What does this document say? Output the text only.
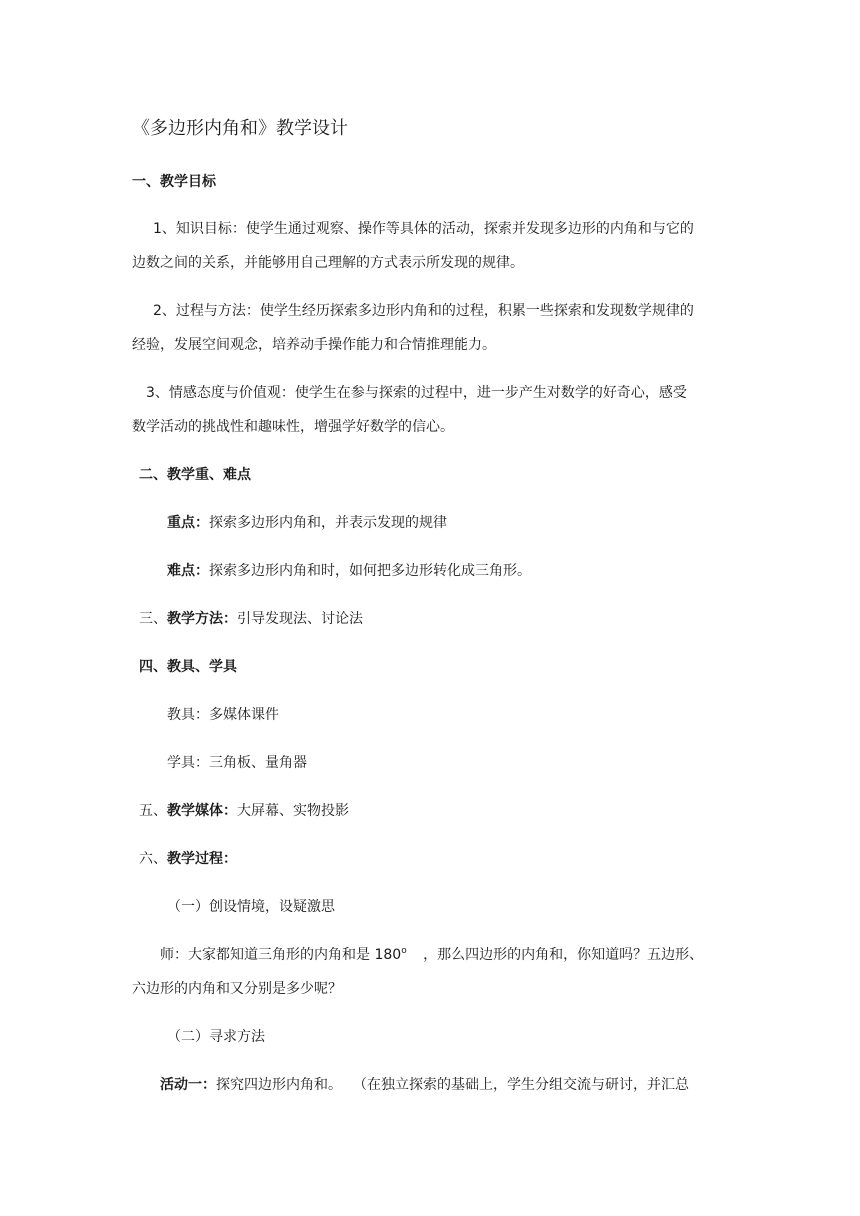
《多边形内角和》教学设计
一、教学目标
1、知识目标：使学生通过观察、操作等具体的活动，探索并发现多边形的内角和与它的
边数之间的关系，并能够用自己理解的方式表示所发现的规律。
2、过程与方法：使学生经历探索多边形内角和的过程，积累一些探索和发现数学规律的
经验，发展空间观念，培养动手操作能力和合情推理能力。
3、情感态度与价值观：使学生在参与探索的过程中，进一步产生对数学的好奇心，感受
数学活动的挑战性和趣味性，增强学好数学的信心。
二、教学重、难点
重点：探索多边形内角和，并表示发现的规律
难点：探索多边形内角和时，如何把多边形转化成三角形。
三、教学方法：引导发现法、讨论法
四、教具、学具
教具：多媒体课件
学具：三角板、量角器
五、教学媒体：大屏幕、实物投影
六、教学过程：
（一）创设情境，设疑激思
师：大家都知道三角形的内角和是 180$^o$ ，那么四边形的内角和，你知道吗？五边形、
六边形的内角和又分别是多少呢？
（二）寻求方法
活动一：探究四边形内角和。 （在独立探索的基础上，学生分组交流与研讨，并汇总
